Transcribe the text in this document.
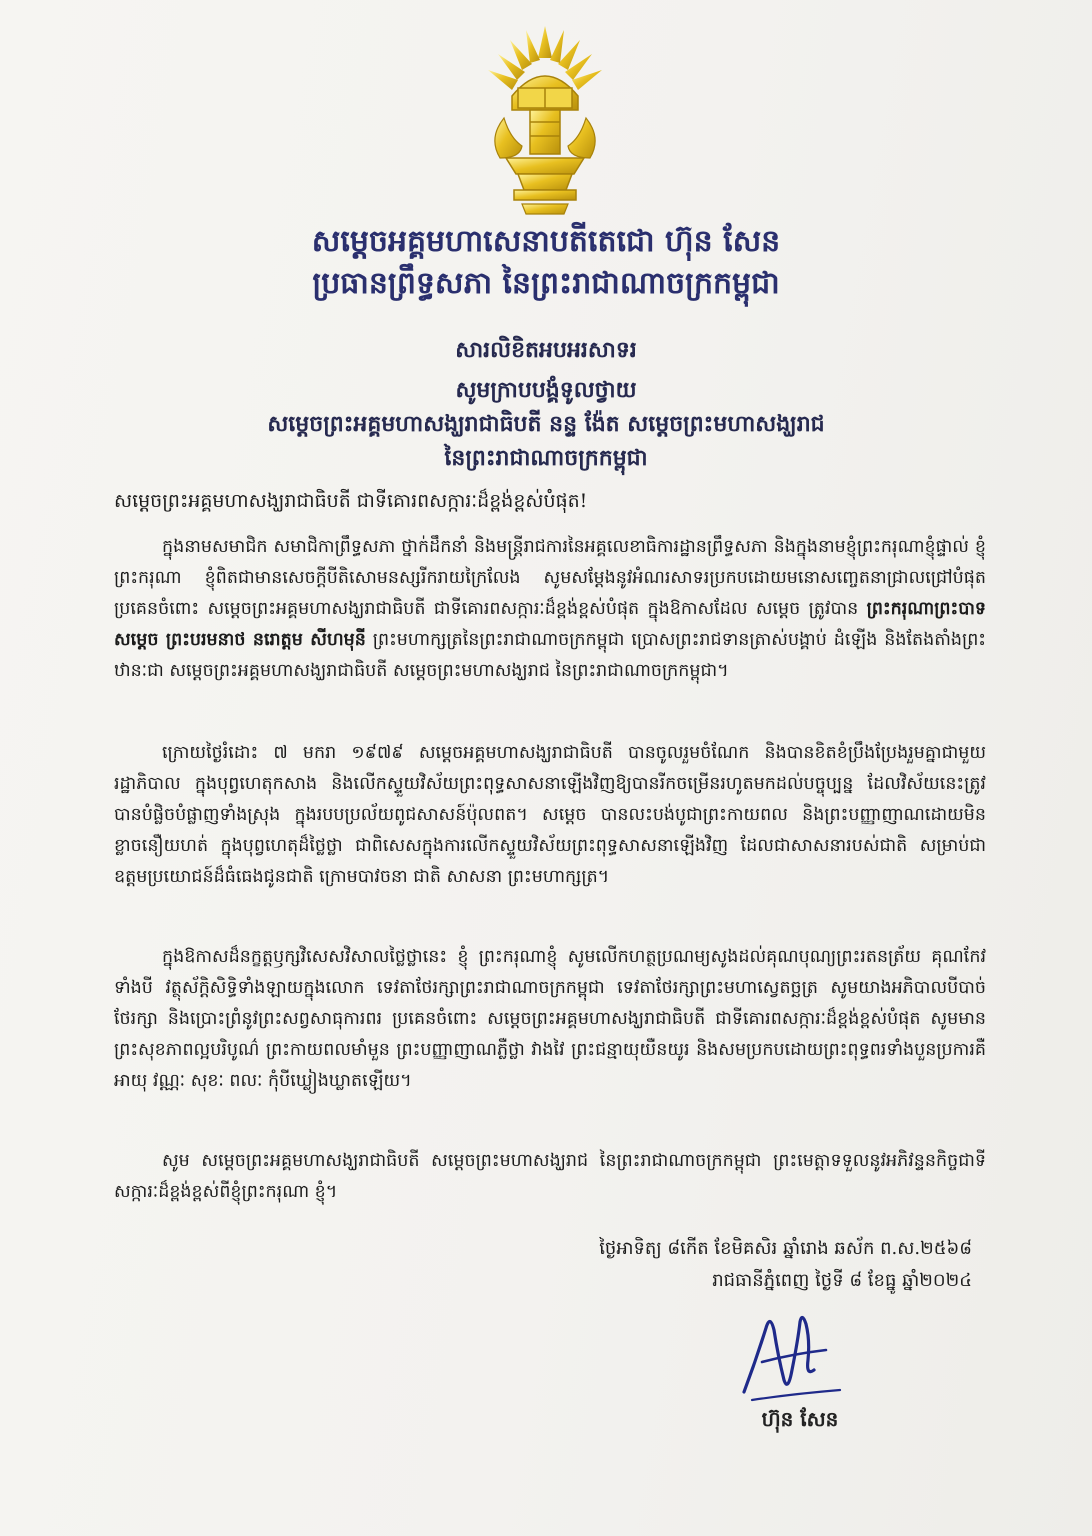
សម្ដេចអគ្គមហាសេនាបតីតេជោ ហ៊ុន សែន
ប្រធានព្រឹទ្ធសភា នៃព្រះរាជាណាចក្រកម្ពុជា
សារលិខិតអបអរសាទរ
សូមក្រាបបង្គំទូលថ្វាយ
សម្ដេចព្រះអគ្គមហាសង្ឃរាជាធិបតី នន្ទ ង៉ែត សម្ដេចព្រះមហាសង្ឃរាជ
នៃព្រះរាជាណាចក្រកម្ពុជា
សម្ដេចព្រះអគ្គមហាសង្ឃរាជាធិបតី ជាទីគោរពសក្ការៈដ៏ខ្ពង់ខ្ពស់បំផុត!

ក្នុងនាមសមាជិក សមាជិកាព្រឹទ្ធសភា ថ្នាក់ដឹកនាំ និងមន្ត្រីរាជការនៃអគ្គលេខាធិការដ្ឋានព្រឹទ្ធសភា និងក្នុងនាមខ្ញុំព្រះករុណាខ្ញុំផ្ទាល់ ខ្ញុំព្រះករុណា ខ្ញុំពិតជាមានសេចក្ដីបីតិសោមនស្សរីករាយក្រៃលែង សូមសម្ដែងនូវអំណរសាទរប្រកបដោយមនោសញ្ចេតនាជ្រាលជ្រៅបំផុត ប្រគេនចំពោះ សម្ដេចព្រះអគ្គមហាសង្ឃរាជាធិបតី ជាទីគោរពសក្ការៈដ៏ខ្ពង់ខ្ពស់បំផុត ក្នុងឱកាសដែល សម្ដេច ត្រូវបាន ព្រះករុណាព្រះបាទសម្ដេច ព្រះបរមនាថ នរោត្តម សីហមុនី ព្រះមហាក្សត្រនៃព្រះរាជាណាចក្រកម្ពុជា ប្រោសព្រះរាជទានត្រាស់បង្គាប់ ដំឡើង និងតែងតាំងព្រះឋានៈជា សម្ដេចព្រះអគ្គមហាសង្ឃរាជាធិបតី សម្ដេចព្រះមហាសង្ឃរាជ នៃព្រះរាជាណាចក្រកម្ពុជា។

ក្រោយថ្ងៃរំដោះ ៧ មករា ១៩៧៩ សម្ដេចអគ្គមហាសង្ឃរាជាធិបតី បានចូលរួមចំណែក និងបានខិតខំប្រឹងប្រែងរួមគ្នាជាមួយ រដ្ឋាភិបាល ក្នុងបុព្វហេតុកសាង និងលើកស្ទួយវិស័យព្រះពុទ្ធសាសនាឡើងវិញឱ្យបានរីកចម្រើនរហូតមកដល់បច្ចុប្បន្ន ដែលវិស័យនេះត្រូវបានបំផ្លិចបំផ្លាញទាំងស្រុង ក្នុងរបបប្រល័យពូជសាសន៍ប៉ុលពត។ សម្ដេច បានលះបង់បូជាព្រះកាយពល និងព្រះបញ្ញាញាណដោយមិនខ្លាចនឿយហត់ ក្នុងបុព្វហេតុដ៏ថ្លៃថ្លា ជាពិសេសក្នុងការលើកស្ទួយវិស័យព្រះពុទ្ធសាសនាឡើងវិញ ដែលជាសាសនារបស់ជាតិ សម្រាប់ជាឧត្តមប្រយោជន៍ដ៏ធំធេងជូនជាតិ ក្រោមបាវចនា ជាតិ សាសនា ព្រះមហាក្សត្រ។

ក្នុងឱកាសដ៏នក្ខត្តឫក្សវិសេសវិសាលថ្លៃថ្លានេះ ខ្ញុំ ព្រះករុណាខ្ញុំ សូមលើកហត្ថប្រណម្យសូងដល់គុណបុណ្យព្រះរតនត្រ័យ គុណកែវទាំងបី វត្ថុស័ក្តិសិទ្ធិទាំងឡាយក្នុងលោក ទេវតាថែរក្សាព្រះរាជាណាចក្រកម្ពុជា ទេវតាថែរក្សាព្រះមហាស្វេតច្ឆត្រ សូមយាងអភិបាលបីបាច់ថែរក្សា និងប្រោះព្រំនូវព្រះសព្វសាធុការពរ ប្រគេនចំពោះ សម្ដេចព្រះអគ្គមហាសង្ឃរាជាធិបតី ជាទីគោរពសក្ការៈដ៏ខ្ពង់ខ្ពស់បំផុត សូមមានព្រះសុខភាពល្អបរិបូណ៌ ព្រះកាយពលមាំមួន ព្រះបញ្ញាញាណភ្លឺថ្លា វាងវៃ ព្រះជន្មាយុយឺនយូរ និងសមប្រកបដោយព្រះពុទ្ធពរទាំងបួនប្រការគឺ អាយុ វណ្ណៈ សុខៈ ពលៈ កុំបីឃ្លៀងឃ្លាតឡើយ។

សូម សម្ដេចព្រះអគ្គមហាសង្ឃរាជាធិបតី សម្ដេចព្រះមហាសង្ឃរាជ នៃព្រះរាជាណាចក្រកម្ពុជា ព្រះមេត្តាទទួលនូវអភិវន្ទនកិច្ចជាទីសក្ការៈដ៏ខ្ពង់ខ្ពស់ពីខ្ញុំព្រះករុណា ខ្ញុំ។

ថ្ងៃអាទិត្យ ៨កើត ខែមិគសិរ ឆ្នាំរោង ឆស័ក ព.ស.២៥៦៨
រាជធានីភ្នំពេញ ថ្ងៃទី ៨ ខែធ្នូ ឆ្នាំ២០២៤
ហ៊ុន សែន
